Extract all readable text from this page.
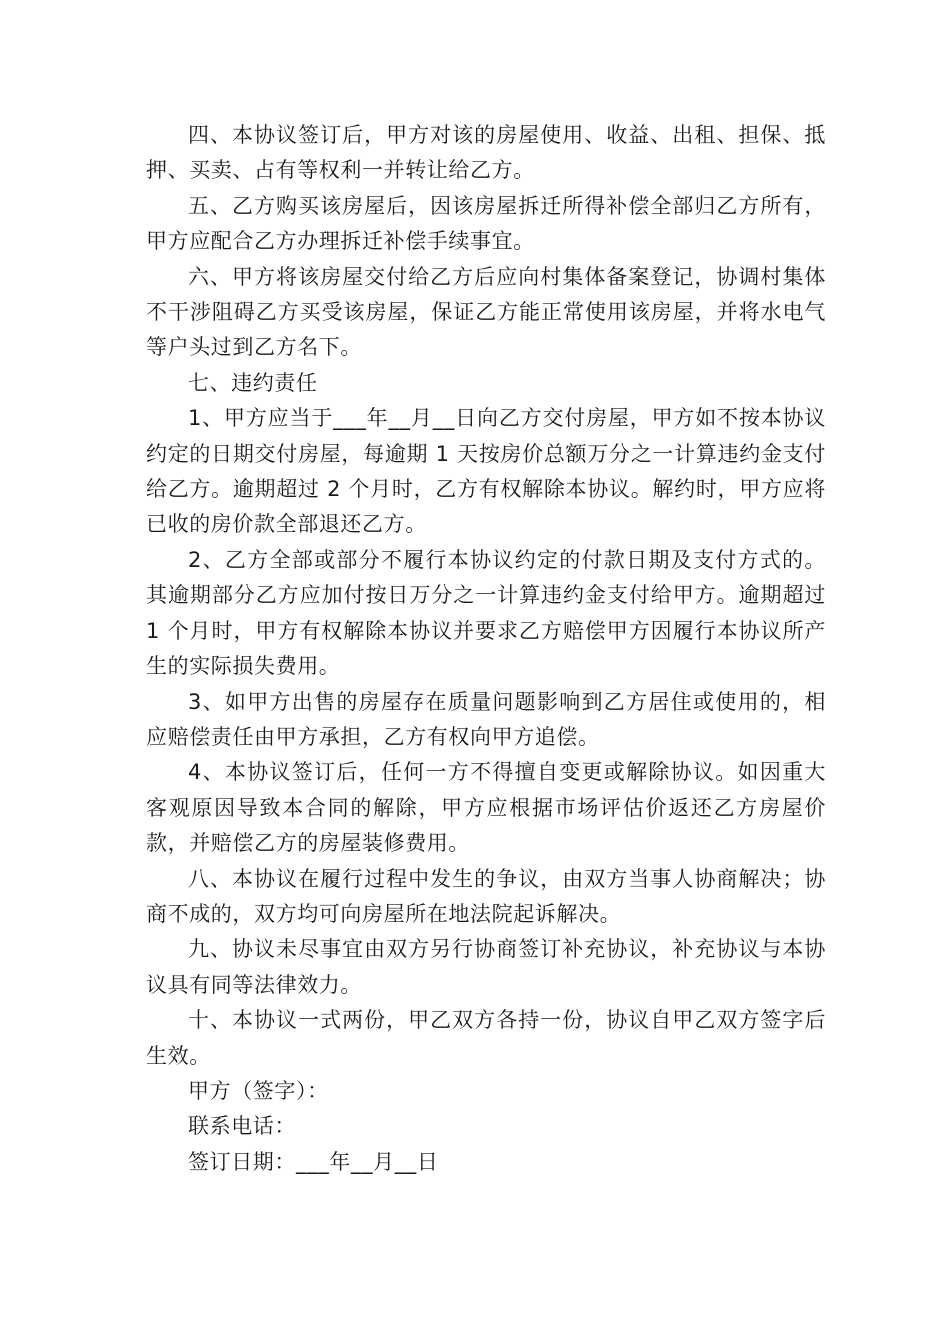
四、本协议签订后，甲方对该的房屋使用、收益、出租、担保、抵押、买卖、占有等权利一并转让给乙方。

五、乙方购买该房屋后，因该房屋拆迁所得补偿全部归乙方所有，甲方应配合乙方办理拆迁补偿手续事宜。

六、甲方将该房屋交付给乙方后应向村集体备案登记，协调村集体不干涉阻碍乙方买受该房屋，保证乙方能正常使用该房屋，并将水电气等户头过到乙方名下。

七、违约责任

1、甲方应当于___年__月__日向乙方交付房屋，甲方如不按本协议约定的日期交付房屋，每逾期 1 天按房价总额万分之一计算违约金支付给乙方。逾期超过 2 个月时，乙方有权解除本协议。解约时，甲方应将已收的房价款全部退还乙方。

2、乙方全部或部分不履行本协议约定的付款日期及支付方式的。其逾期部分乙方应加付按日万分之一计算违约金支付给甲方。逾期超过 1 个月时，甲方有权解除本协议并要求乙方赔偿甲方因履行本协议所产生的实际损失费用。

3、如甲方出售的房屋存在质量问题影响到乙方居住或使用的，相应赔偿责任由甲方承担，乙方有权向甲方追偿。

4、本协议签订后，任何一方不得擅自变更或解除协议。如因重大客观原因导致本合同的解除，甲方应根据市场评估价返还乙方房屋价款，并赔偿乙方的房屋装修费用。

八、本协议在履行过程中发生的争议，由双方当事人协商解决；协商不成的，双方均可向房屋所在地法院起诉解决。

九、协议未尽事宜由双方另行协商签订补充协议，补充协议与本协议具有同等法律效力。

十、本协议一式两份，甲乙双方各持一份，协议自甲乙双方签字后生效。

甲方（签字）：

联系电话：

签订日期：___年__月__日
